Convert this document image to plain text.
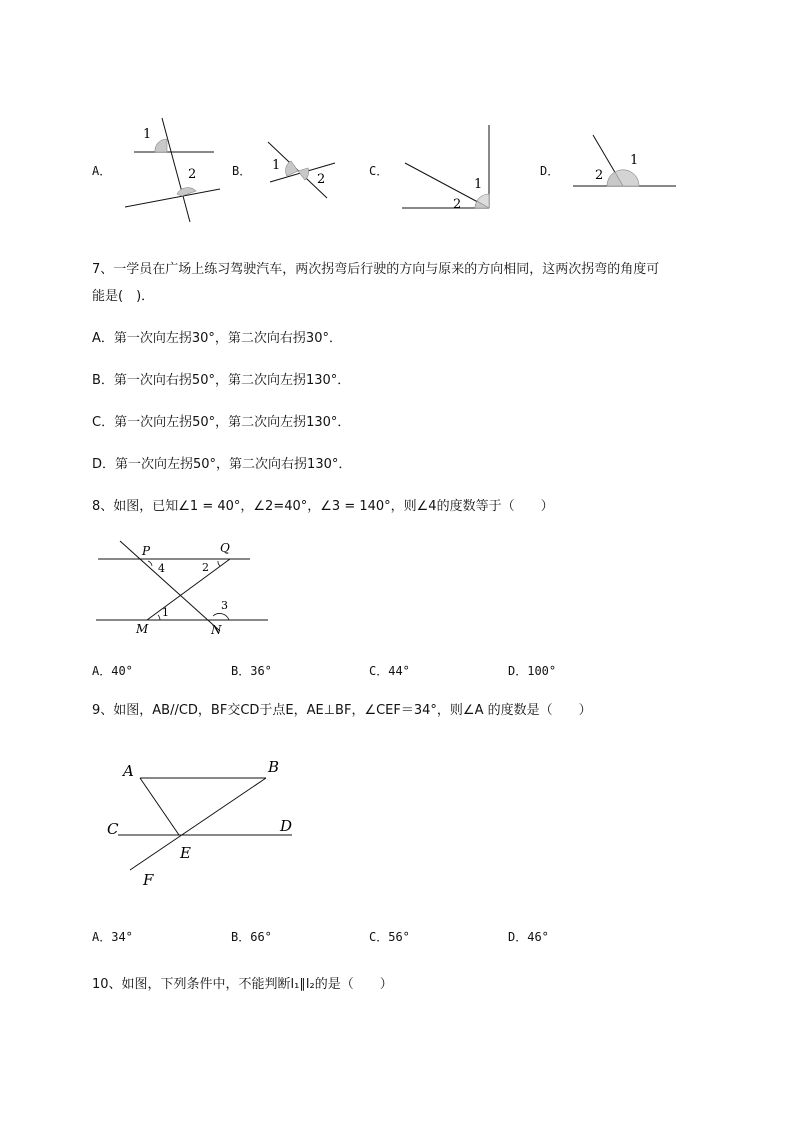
A．
1
2	B． 1
2
C．
1
2
D．
1
2
7、一学员在广场上练习驾驶汽车，两次拐弯后行驶的方向与原来的方向相同，这两次拐弯的角度可
能是(　)．
A．第一次向左拐30°，第二次向右拐30°．
B．第一次向右拐50°，第二次向左拐130°．
C．第一次向左拐50°，第二次向左拐130°．
D．第一次向左拐50°，第二次向右拐130°．
8、如图，已知∠1 = 40°，∠2=40°，∠3 = 140°，则∠4的度数等于（　　）
P	Q
M	N
1
2
3
4
A．40°	B．36°	C．44°	D．100°
9、如图，AB//CD，BF交CD于点E，AE⊥BF，∠CEF＝34°，则∠A 的度数是（　　）
A	B
C	D
E
F
A．34°	B．66°	C．56°	D．46°
10、如图，下列条件中，不能判断l₁∥l₂的是（　　）
